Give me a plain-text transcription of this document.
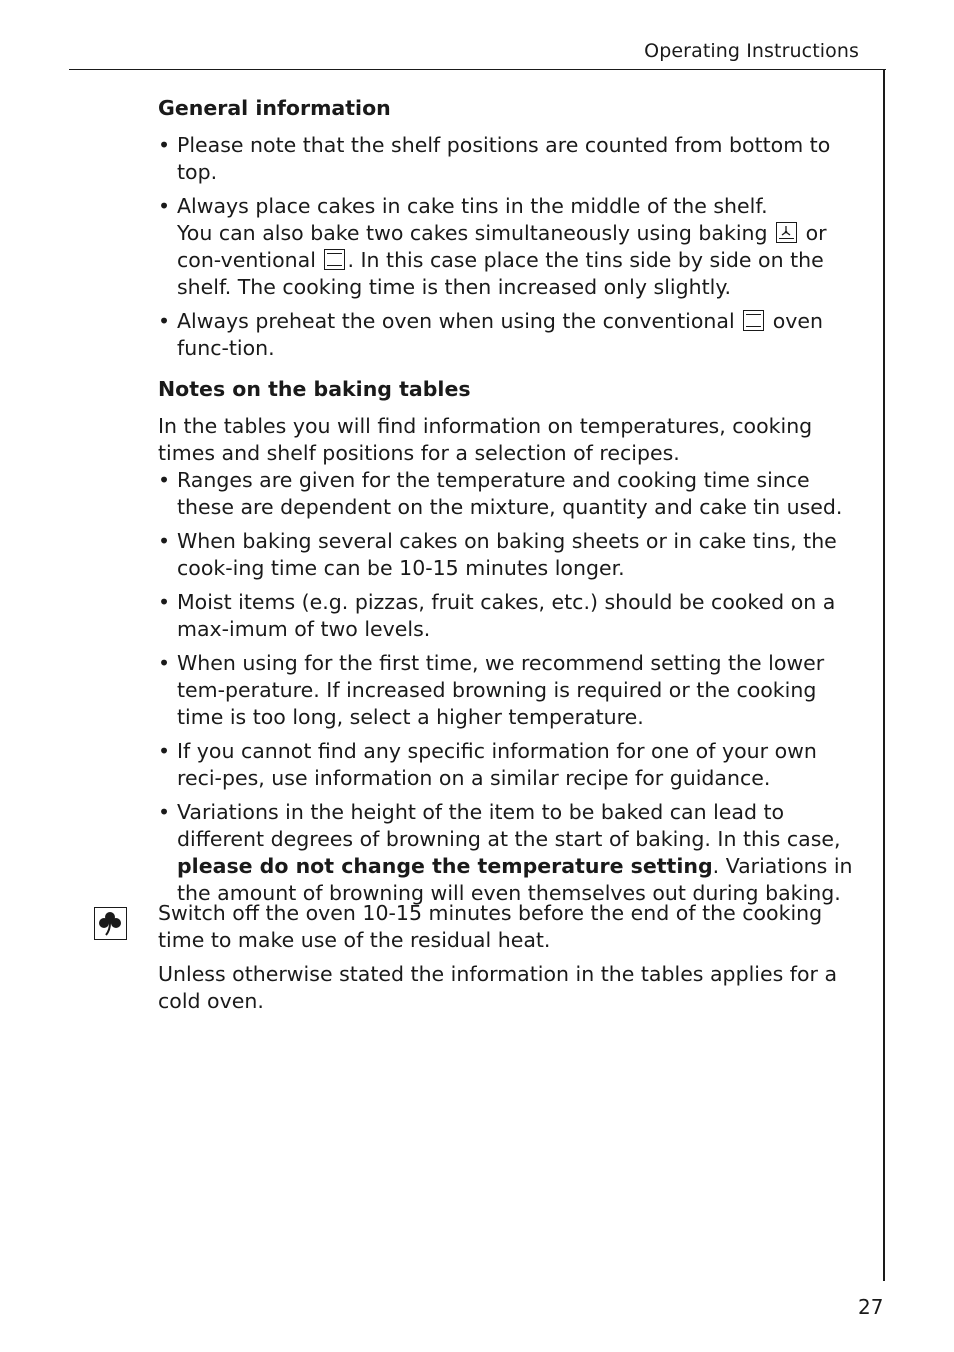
Operating Instructions
General information
• Please note that the shelf positions are counted from bottom to top.
• Always place cakes in cake tins in the middle of the shelf.
You can also bake two cakes simultaneously using baking
or con-ventional . In this case place the tins side by side on the shelf. The cooking time is then increased only slightly.
• Always preheat the oven when using the conventional  oven func-tion.
Notes on the baking tables

In the tables you will find information on temperatures, cooking times and shelf positions for a selection of recipes.

• Ranges are given for the temperature and cooking time since these are dependent on the mixture, quantity and cake tin used.
• When baking several cakes on baking sheets or in cake tins, the cook-ing time can be 10-15 minutes longer.
• Moist items (e.g. pizzas, fruit cakes, etc.) should be cooked on a max-imum of two levels.
• When using for the first time, we recommend setting the lower tem-perature. If increased browning is required or the cooking time is too long, select a higher temperature.
• If you cannot find any specific information for one of your own reci-pes, use information on a similar recipe for guidance.
• Variations in the height of the item to be baked can lead to different degrees of browning at the start of baking. In this case, please do not change the temperature setting. Variations in the amount of browning will even themselves out during baking.

Switch off the oven 10-15 minutes before the end of the cooking time to make use of the residual heat.

Unless otherwise stated the information in the tables applies for a cold oven.

27
